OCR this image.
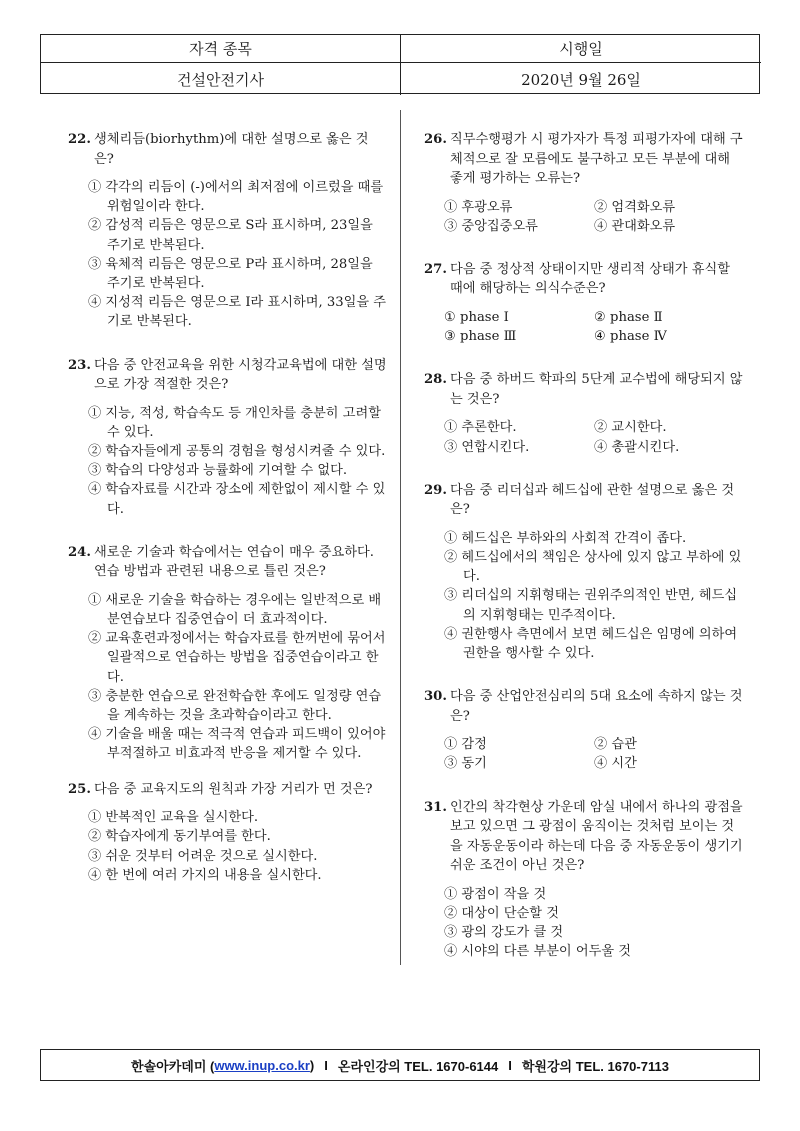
자격 종목	시행일
건설안전기사	2020년 9월 26일
22. 생체리듬(biorhythm)에 대한 설명으로 옳은 것은?
① 각각의 리듬이 (-)에서의 최저점에 이르렀을 때를 위험일이라 한다.
② 감성적 리듬은 영문으로 S라 표시하며, 23일을 주기로 반복된다.
③ 육체적 리듬은 영문으로 P라 표시하며, 28일을 주기로 반복된다.
④ 지성적 리듬은 영문으로 I라 표시하며, 33일을 주기로 반복된다.
23. 다음 중 안전교육을 위한 시청각교육법에 대한 설명으로 가장 적절한 것은?
① 지능, 적성, 학습속도 등 개인차를 충분히 고려할 수 있다.
② 학습자들에게 공통의 경험을 형성시켜줄 수 있다.
③ 학습의 다양성과 능률화에 기여할 수 없다.
④ 학습자료를 시간과 장소에 제한없이 제시할 수 있다.
24. 새로운 기술과 학습에서는 연습이 매우 중요하다. 연습 방법과 관련된 내용으로 틀린 것은?
① 새로운 기술을 학습하는 경우에는 일반적으로 배분연습보다 집중연습이 더 효과적이다.
② 교육훈련과정에서는 학습자료를 한꺼번에 묶어서 일괄적으로 연습하는 방법을 집중연습이라고 한다.
③ 충분한 연습으로 완전학습한 후에도 일정량 연습을 계속하는 것을 초과학습이라고 한다.
④ 기술을 배울 때는 적극적 연습과 피드백이 있어야 부적절하고 비효과적 반응을 제거할 수 있다.
25. 다음 중 교육지도의 원칙과 가장 거리가 먼 것은?
① 반복적인 교육을 실시한다.
② 학습자에게 동기부여를 한다.
③ 쉬운 것부터 어려운 것으로 실시한다.
④ 한 번에 여러 가지의 내용을 실시한다.
26. 직무수행평가 시 평가자가 특정 피평가자에 대해 구체적으로 잘 모름에도 불구하고 모든 부분에 대해 좋게 평가하는 오류는?
① 후광오류	② 엄격화오류
③ 중앙집중오류	④ 관대화오류
27. 다음 중 정상적 상태이지만 생리적 상태가 휴식할 때에 해당하는 의식수준은?
① phase Ⅰ	② phase Ⅱ
③ phase Ⅲ	④ phase Ⅳ
28. 다음 중 하버드 학파의 5단계 교수법에 해당되지 않는 것은?
① 추론한다.	② 교시한다.
③ 연합시킨다.	④ 총괄시킨다.
29. 다음 중 리더십과 헤드십에 관한 설명으로 옳은 것은?
① 헤드십은 부하와의 사회적 간격이 좁다.
② 헤드십에서의 책임은 상사에 있지 않고 부하에 있다.
③ 리더십의 지휘형태는 권위주의적인 반면, 헤드십의 지휘형태는 민주적이다.
④ 권한행사 측면에서 보면 헤드십은 임명에 의하여 권한을 행사할 수 있다.
30. 다음 중 산업안전심리의 5대 요소에 속하지 않는 것은?
① 감정	② 습관
③ 동기	④ 시간
31. 인간의 착각현상 가운데 암실 내에서 하나의 광점을 보고 있으면 그 광점이 움직이는 것처럼 보이는 것을 자동운동이라 하는데 다음 중 자동운동이 생기기 쉬운 조건이 아닌 것은?
① 광점이 작을 것
② 대상이 단순할 것
③ 광의 강도가 클 것
④ 시야의 다른 부분이 어두울 것
한솔아카데미 ( www.inup.co.kr ) I 온라인강의 TEL. 1670-6144 I 학원강의 TEL. 1670-7113
